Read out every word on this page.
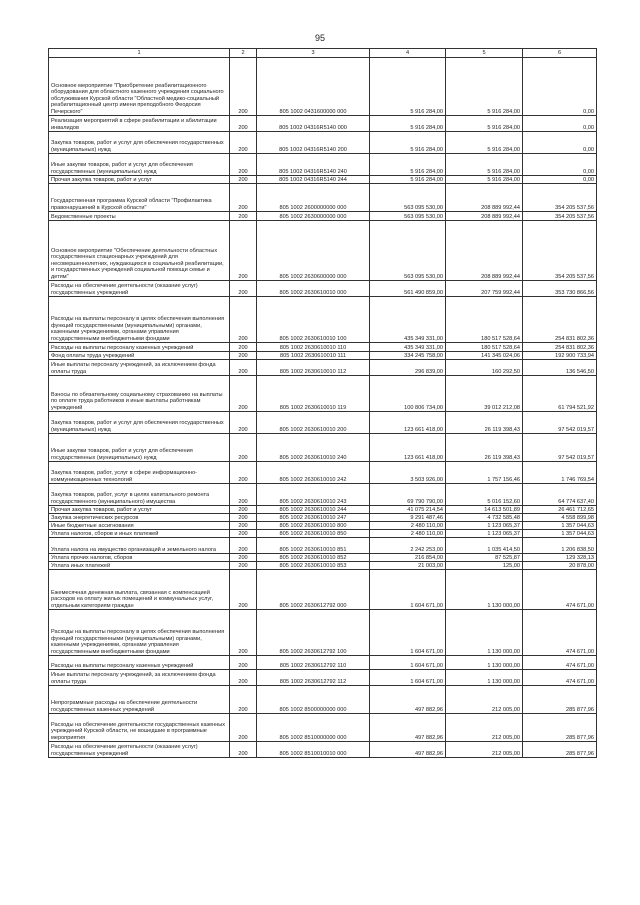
95
1	2	3	4	5	6
Основное мероприятие "Приобретение реабилитационного оборудования для областного казенного учреждения социального обслуживания Курской области "Областной медико-социальный реабилитационный центр имени преподобного Феодосия Печерского"	200	805 1002 0431600000 000	5 916 284,00	5 916 284,00	0,00
Реализация мероприятий в сфере реабилитации и абилитации инвалидов	200	805 1002 04316R5140 000	5 916 284,00	5 916 284,00	0,00
Закупка товаров, работ и услуг для обеспечения государственных (муниципальных) нужд	200	805 1002 04316R5140 200	5 916 284,00	5 916 284,00	0,00
Иные закупки товаров, работ и услуг для обеспечения государственных (муниципальных) нужд	200	805 1002 04316R5140 240	5 916 284,00	5 916 284,00	0,00
Прочая закупка товаров, работ и услуг	200	805 1002 04316R5140 244	5 916 284,00	5 916 284,00	0,00
Государственная программа Курской области "Профилактика правонарушений в Курской области"	200	805 1002 2600000000 000	563 095 530,00	208 889 992,44	354 205 537,56
Ведомственные проекты	200	805 1002 2630000000 000	563 095 530,00	208 889 992,44	354 205 537,56
Основное мероприятие "Обеспечение деятельности областных государственных стационарных учреждений для несовершеннолетних, нуждающихся в социальной реабилитации, и государственных учреждений социальной помощи семье и детям"	200	805 1002 2630600000 000	563 095 530,00	208 889 992,44	354 205 537,56
Расходы на обеспечение деятельности (оказание услуг) государственных учреждений	200	805 1002 2630610010 000	561 490 859,00	207 759 992,44	353 730 866,56
Расходы на выплаты персоналу в целях обеспечения выполнения функций государственными (муниципальными) органами, казенными учреждениями, органами управления государственными внебюджетными фондами	200	805 1002 2630610010 100	435 349 331,00	180 517 528,64	254 831 802,36
Расходы на выплаты персоналу казенных учреждений	200	805 1002 2630610010 110	435 349 331,00	180 517 528,64	254 831 802,36
Фонд оплаты труда учреждений	200	805 1002 2630610010 111	334 245 758,00	141 345 024,06	192 900 733,94
Иные выплаты персоналу учреждений, за исключением фонда оплаты труда	200	805 1002 2630610010 112	296 839,00	160 292,50	136 546,50
Взносы по обязательному социальному страхованию на выплаты по оплате труда работников и иные выплаты работникам учреждений	200	805 1002 2630610010 119	100 806 734,00	39 012 212,08	61 794 521,92
Закупка товаров, работ и услуг для обеспечения государственных (муниципальных) нужд	200	805 1002 2630610010 200	123 661 418,00	26 119 398,43	97 542 019,57
Иные закупки товаров, работ и услуг для обеспечения государственных (муниципальных) нужд	200	805 1002 2630610010 240	123 661 418,00	26 119 398,43	97 542 019,57
Закупка товаров, работ, услуг в сфере информационно-коммуникационных технологий	200	805 1002 2630610010 242	3 503 926,00	1 757 156,46	1 746 769,54
Закупка товаров, работ, услуг в целях капитального ремонта государственного (муниципального) имущества	200	805 1002 2630610010 243	69 790 790,00	5 016 152,60	64 774 637,40
Прочая закупка товаров, работ и услуг	200	805 1002 2630610010 244	41 075 214,54	14 613 501,89	26 461 712,65
Закупка энергетических ресурсов	200	805 1002 2630610010 247	9 291 487,46	4 732 585,48	4 558 899,98
Иные бюджетные ассигнования	200	805 1002 2630610010 800	2 480 110,00	1 123 065,37	1 357 044,63
Уплата налогов, сборов и иных платежей	200	805 1002 2630610010 850	2 480 110,00	1 123 065,37	1 357 044,63
Уплата налога на имущество организаций и земельного налога	200	805 1002 2630610010 851	2 242 253,00	1 035 414,50	1 206 838,50
Уплата прочих налогов, сборов	200	805 1002 2630610010 852	216 854,00	87 525,87	129 328,13
Уплата иных платежей	200	805 1002 2630610010 853	21 003,00	125,00	20 878,00
Ежемесячная денежная выплата, связанная с компенсацией расходов на оплату жилых помещений и коммунальных услуг, отдельным категориям граждан	200	805 1002 2630612792 000	1 604 671,00	1 130 000,00	474 671,00
Расходы на выплаты персоналу в целях обеспечения выполнения функций государственными (муниципальными) органами, казенными учреждениями, органами управления государственными внебюджетными фондами	200	805 1002 2630612792 100	1 604 671,00	1 130 000,00	474 671,00
Расходы на выплаты персоналу казенных учреждений	200	805 1002 2630612792 110	1 604 671,00	1 130 000,00	474 671,00
Иные выплаты персоналу учреждений, за исключением фонда оплаты труда	200	805 1002 2630612792 112	1 604 671,00	1 130 000,00	474 671,00
Непрограммные расходы на обеспечение деятельности государственных казенных учреждений	200	805 1002 8500000000 000	497 882,96	212 005,00	285 877,96
Расходы на обеспечение деятельности государственных казенных учреждений Курской области, не вошедшие в программные мероприятия	200	805 1002 8510000000 000	497 882,96	212 005,00	285 877,96
Расходы на обеспечение деятельности (оказание услуг) государственных учреждений	200	805 1002 8510010010 000	497 882,96	212 005,00	285 877,96
